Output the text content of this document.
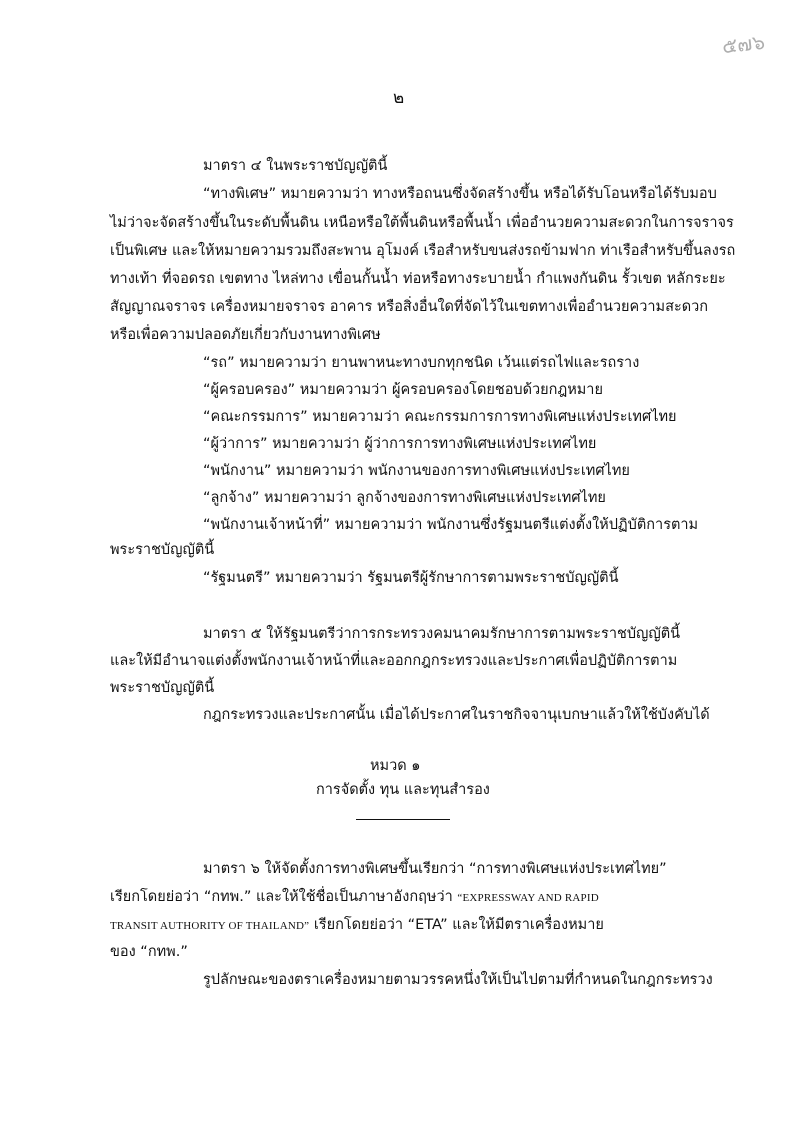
๕๗๖
๒
มาตรา ๔ ในพระราชบัญญัตินี้
“ทางพิเศษ” หมายความว่า ทางหรือถนนซึ่งจัดสร้างขึ้น หรือได้รับโอนหรือได้รับมอบ
ไม่ว่าจะจัดสร้างขึ้นในระดับพื้นดิน เหนือหรือใต้พื้นดินหรือพื้นน้ำ เพื่ออำนวยความสะดวกในการจราจร
เป็นพิเศษ และให้หมายความรวมถึงสะพาน อุโมงค์ เรือสำหรับขนส่งรถข้ามฟาก ท่าเรือสำหรับขึ้นลงรถ
ทางเท้า ที่จอดรถ เขตทาง ไหล่ทาง เขื่อนกั้นน้ำ ท่อหรือทางระบายน้ำ กำแพงกันดิน รั้วเขต หลักระยะ
สัญญาณจราจร เครื่องหมายจราจร อาคาร หรือสิ่งอื่นใดที่จัดไว้ในเขตทางเพื่ออำนวยความสะดวก
หรือเพื่อความปลอดภัยเกี่ยวกับงานทางพิเศษ
“รถ” หมายความว่า ยานพาหนะทางบกทุกชนิด เว้นแต่รถไฟและรถราง
“ผู้ครอบครอง” หมายความว่า ผู้ครอบครองโดยชอบด้วยกฎหมาย
“คณะกรรมการ” หมายความว่า คณะกรรมการการทางพิเศษแห่งประเทศไทย
“ผู้ว่าการ” หมายความว่า ผู้ว่าการการทางพิเศษแห่งประเทศไทย
“พนักงาน” หมายความว่า พนักงานของการทางพิเศษแห่งประเทศไทย
“ลูกจ้าง” หมายความว่า ลูกจ้างของการทางพิเศษแห่งประเทศไทย
“พนักงานเจ้าหน้าที่” หมายความว่า พนักงานซึ่งรัฐมนตรีแต่งตั้งให้ปฏิบัติการตาม
พระราชบัญญัตินี้
“รัฐมนตรี” หมายความว่า รัฐมนตรีผู้รักษาการตามพระราชบัญญัตินี้
มาตรา ๕ ให้รัฐมนตรีว่าการกระทรวงคมนาคมรักษาการตามพระราชบัญญัตินี้
และให้มีอำนาจแต่งตั้งพนักงานเจ้าหน้าที่และออกกฎกระทรวงและประกาศเพื่อปฏิบัติการตาม
พระราชบัญญัตินี้
กฎกระทรวงและประกาศนั้น เมื่อได้ประกาศในราชกิจจานุเบกษาแล้วให้ใช้บังคับได้
หมวด ๑
การจัดตั้ง ทุน และทุนสำรอง
มาตรา ๖ ให้จัดตั้งการทางพิเศษขึ้นเรียกว่า “การทางพิเศษแห่งประเทศไทย”
เรียกโดยย่อว่า “กทพ.” และให้ใช้ชื่อเป็นภาษาอังกฤษว่า “EXPRESSWAY AND RAPID
TRANSIT AUTHORITY OF THAILAND” เรียกโดยย่อว่า “ETA” และให้มีตราเครื่องหมาย
ของ “กทพ.”
รูปลักษณะของตราเครื่องหมายตามวรรคหนึ่งให้เป็นไปตามที่กำหนดในกฎกระทรวง
